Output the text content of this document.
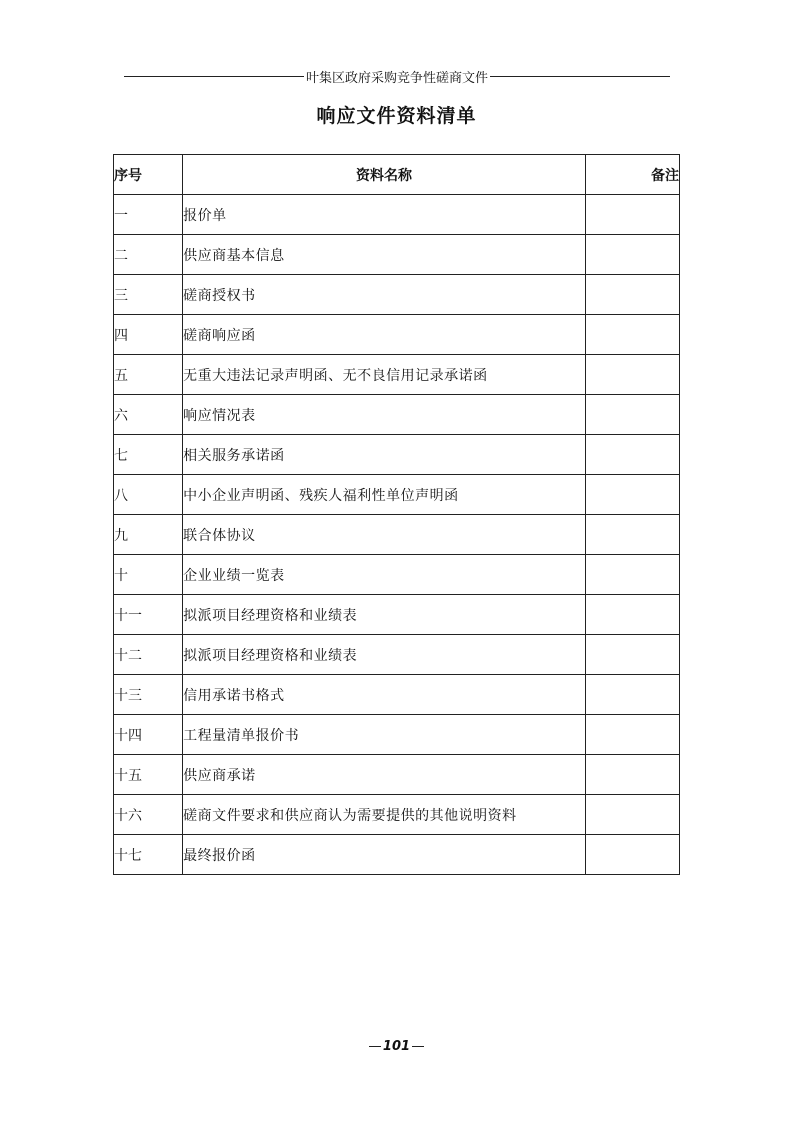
叶集区政府采购竞争性磋商文件
响应文件资料清单
序号	资料名称	备注
一	报价单	
二	供应商基本信息	
三	磋商授权书	
四	磋商响应函	
五	无重大违法记录声明函、无不良信用记录承诺函	
六	响应情况表	
七	相关服务承诺函	
八	中小企业声明函、残疾人福利性单位声明函	
九	联合体协议	
十	企业业绩一览表	
十一	拟派项目经理资格和业绩表	
十二	拟派项目经理资格和业绩表	
十三	信用承诺书格式	
十四	工程量清单报价书	
十五	供应商承诺	
十六	磋商文件要求和供应商认为需要提供的其他说明资料	
十七	最终报价函	
101
